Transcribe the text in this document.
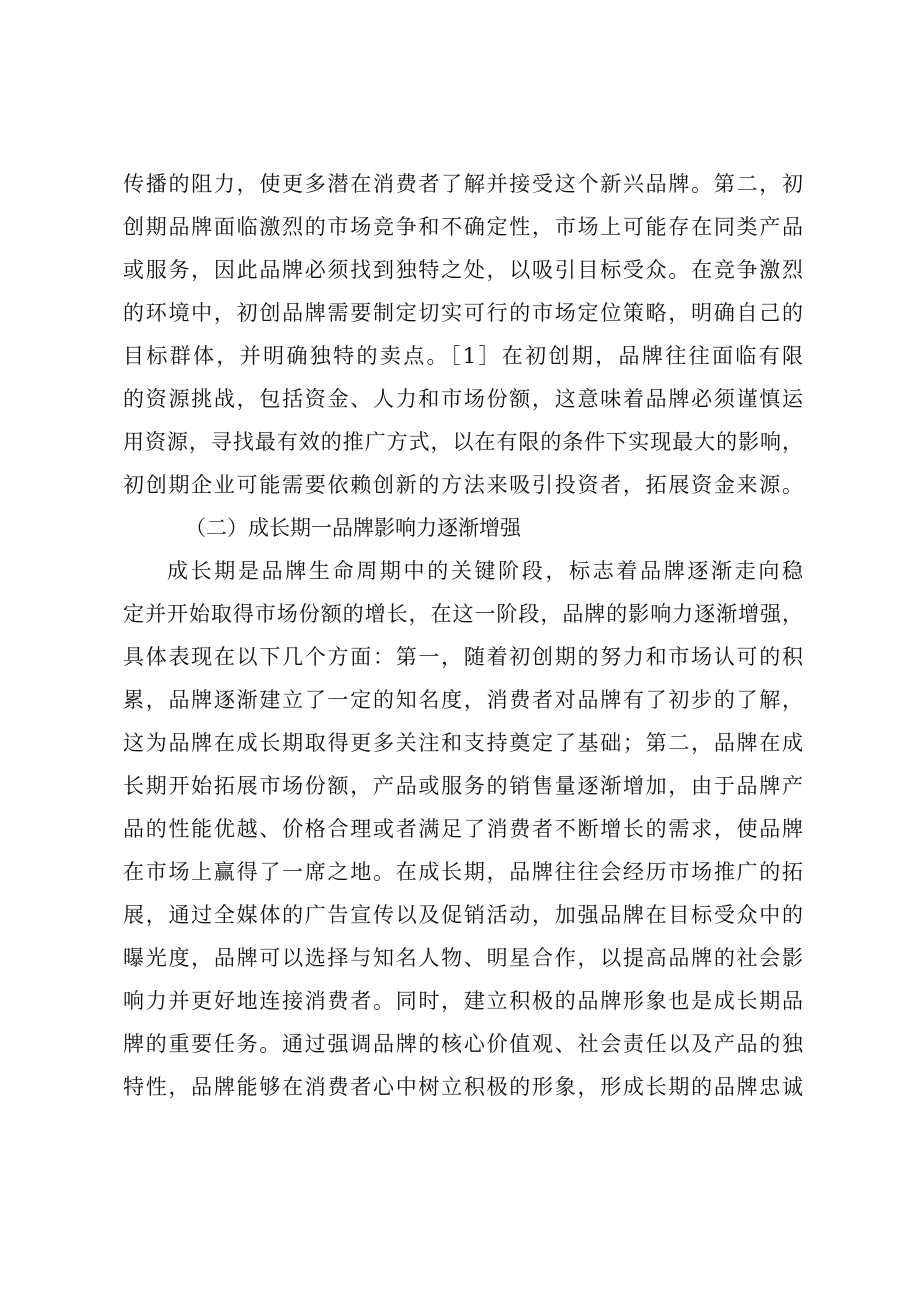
传播的阻力，使更多潜在消费者了解并接受这个新兴品牌。第二，初
创期品牌面临激烈的市场竞争和不确定性，市场上可能存在同类产品
或服务，因此品牌必须找到独特之处，以吸引目标受众。在竞争激烈
的环境中，初创品牌需要制定切实可行的市场定位策略，明确自己的
目标群体，并明确独特的卖点。［1］在初创期，品牌往往面临有限
的资源挑战，包括资金、人力和市场份额，这意味着品牌必须谨慎运
用资源，寻找最有效的推广方式，以在有限的条件下实现最大的影响，
初创期企业可能需要依赖创新的方法来吸引投资者，拓展资金来源。
（二）成长期一品牌影响力逐渐增强
成长期是品牌生命周期中的关键阶段，标志着品牌逐渐走向稳
定并开始取得市场份额的增长，在这一阶段，品牌的影响力逐渐增强，
具体表现在以下几个方面：第一，随着初创期的努力和市场认可的积
累，品牌逐渐建立了一定的知名度，消费者对品牌有了初步的了解，
这为品牌在成长期取得更多关注和支持奠定了基础；第二，品牌在成
长期开始拓展市场份额，产品或服务的销售量逐渐增加，由于品牌产
品的性能优越、价格合理或者满足了消费者不断增长的需求，使品牌
在市场上赢得了一席之地。在成长期，品牌往往会经历市场推广的拓
展，通过全媒体的广告宣传以及促销活动，加强品牌在目标受众中的
曝光度，品牌可以选择与知名人物、明星合作，以提高品牌的社会影
响力并更好地连接消费者。同时，建立积极的品牌形象也是成长期品
牌的重要任务。通过强调品牌的核心价值观、社会责任以及产品的独
特性，品牌能够在消费者心中树立积极的形象，形成长期的品牌忠诚
